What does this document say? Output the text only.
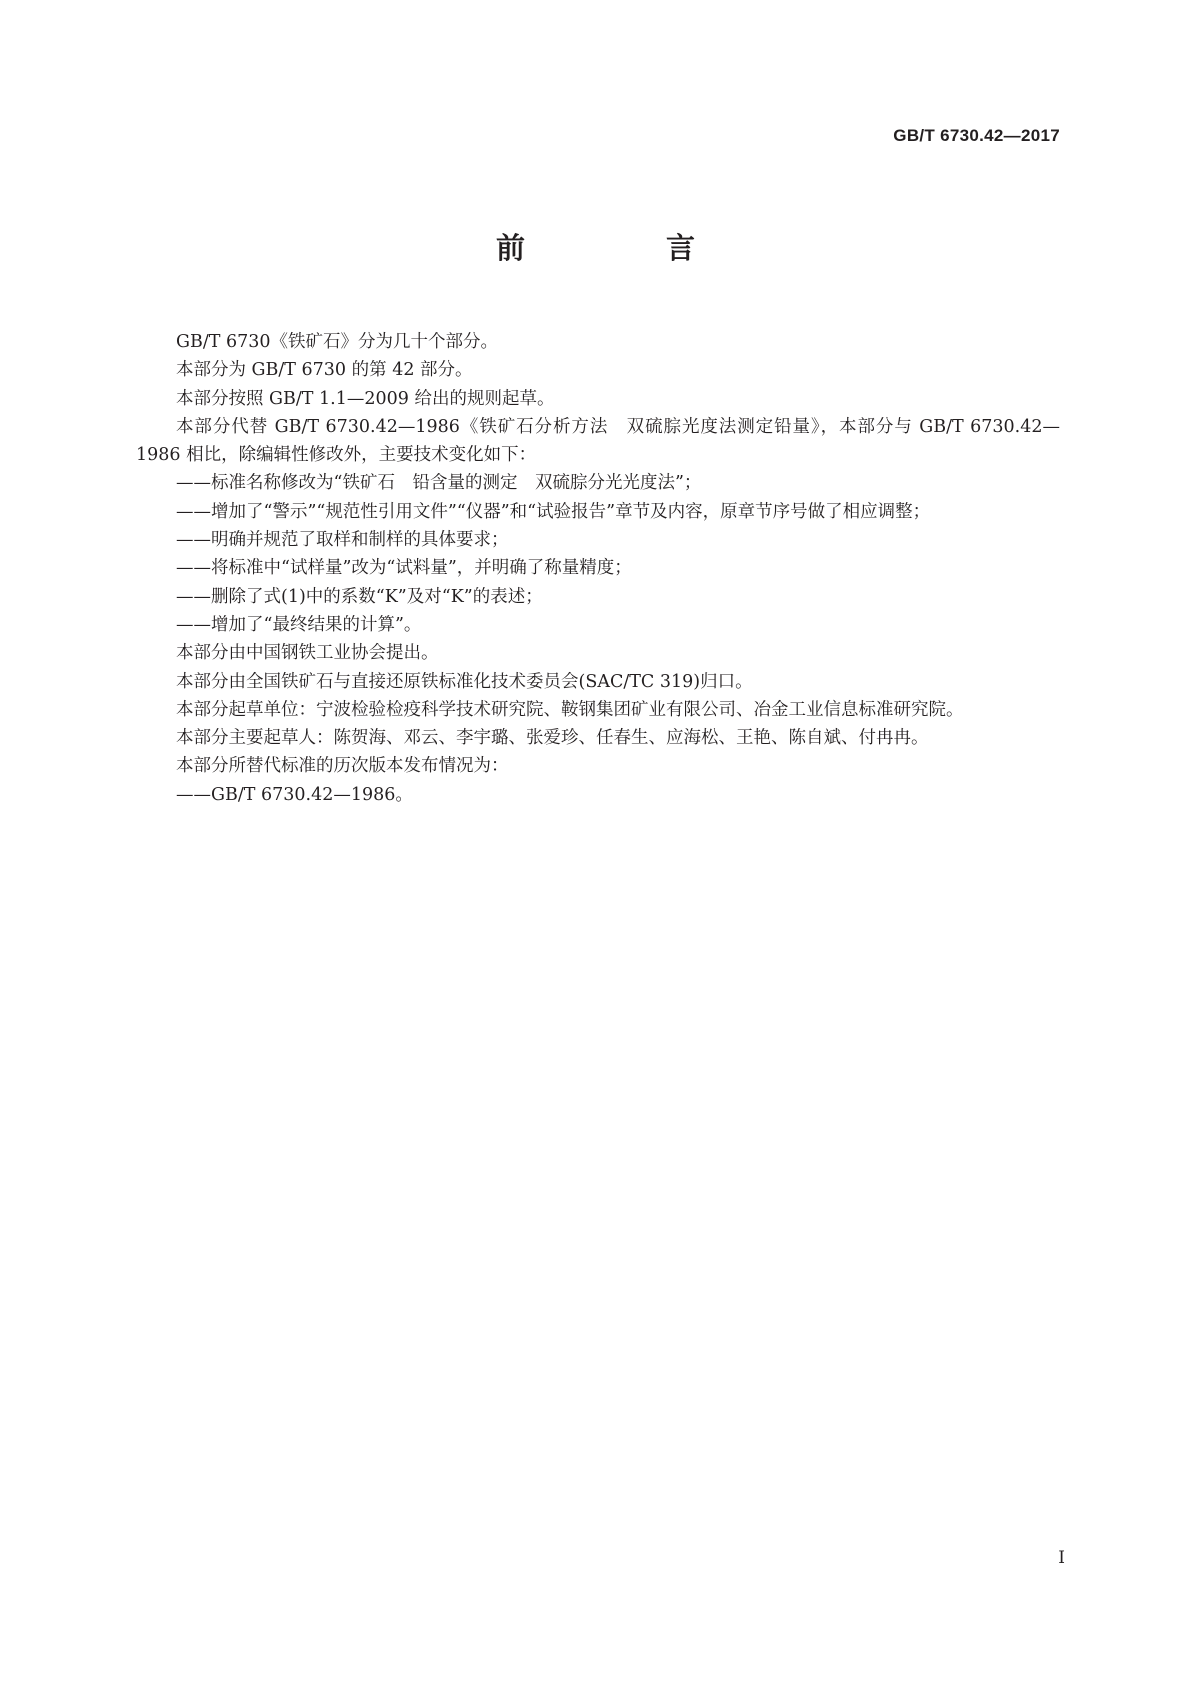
GB/T 6730.42—2017
前　言

GB/T 6730《铁矿石》分为几十个部分。

本部分为 GB/T 6730 的第 42 部分。

本部分按照 GB/T 1.1—2009 给出的规则起草。

本部分代替 GB/T 6730.42—1986《铁矿石分析方法　双硫腙光度法测定铅量》，本部分与 GB/T 6730.42—1986 相比，除编辑性修改外，主要技术变化如下：

——标准名称修改为“铁矿石　铅含量的测定　双硫腙分光光度法”；

——增加了“警示”“规范性引用文件”“仪器”和“试验报告”章节及内容，原章节序号做了相应调整；

——明确并规范了取样和制样的具体要求；

——将标准中“试样量”改为“试料量”，并明确了称量精度；

——删除了式(1)中的系数“K”及对“K”的表述；

——增加了“最终结果的计算”。

本部分由中国钢铁工业协会提出。

本部分由全国铁矿石与直接还原铁标准化技术委员会(SAC/TC 319)归口。

本部分起草单位：宁波检验检疫科学技术研究院、鞍钢集团矿业有限公司、冶金工业信息标准研究院。

本部分主要起草人：陈贺海、邓云、李宇璐、张爱珍、任春生、应海松、王艳、陈自斌、付冉冉。

本部分所替代标准的历次版本发布情况为：

——GB/T 6730.42—1986。

I
